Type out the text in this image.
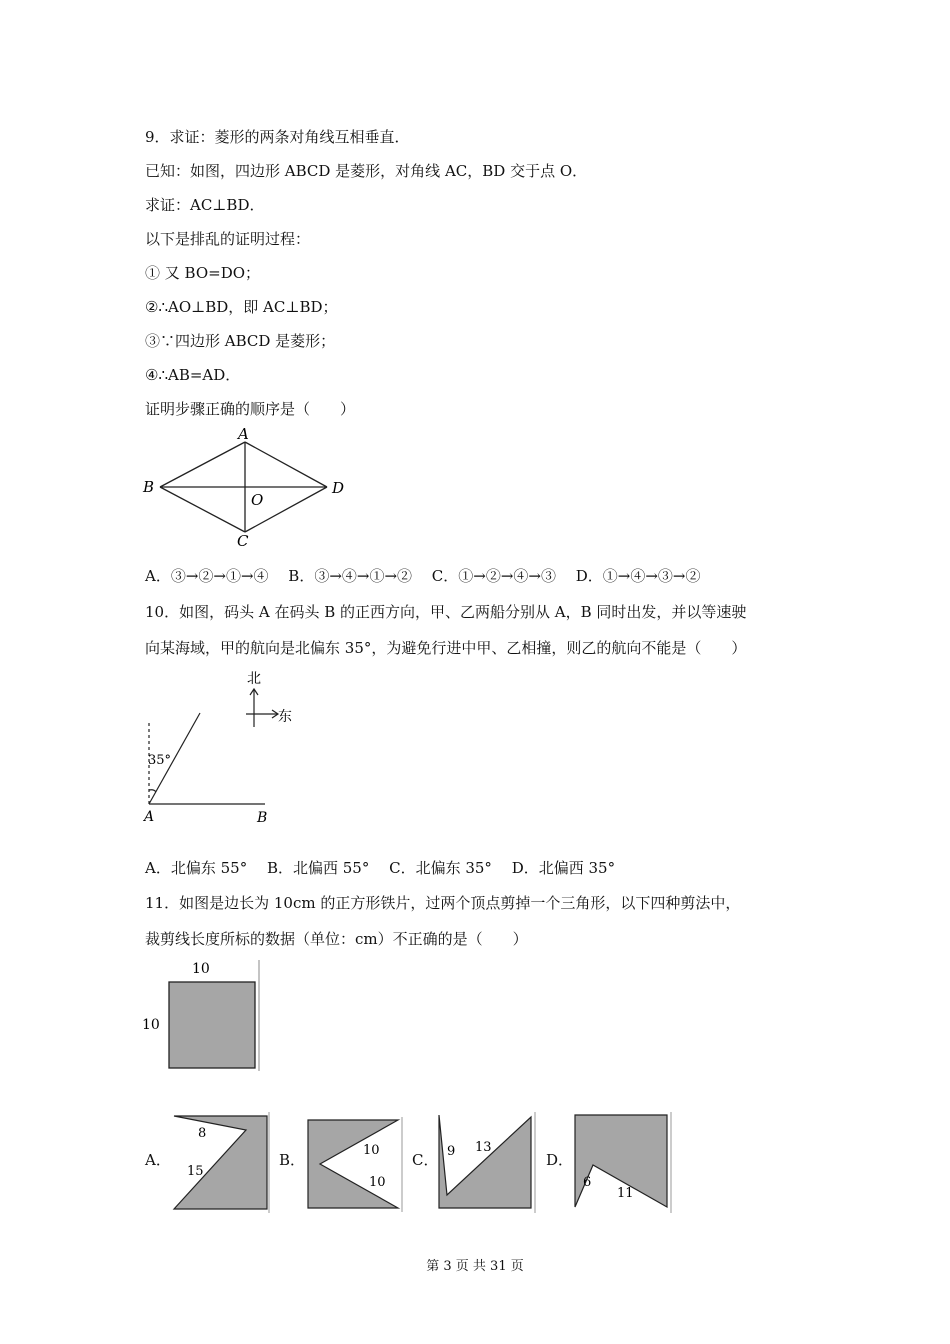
9．求证：菱形的两条对角线互相垂直．
已知：如图，四边形 ABCD 是菱形，对角线 AC，BD 交于点 O．
求证：AC⊥BD．
以下是排乱的证明过程：
① 又 BO=DO；
②∴AO⊥BD，即 AC⊥BD；
③∵四边形 ABCD 是菱形；
④∴AB=AD．
证明步骤正确的顺序是（　　）
A
B	D
C
O
A．③→②→①→④　 B．③→④→①→②　 C．①→②→④→③　 D．①→④→③→②
10．如图，码头 A 在码头 B 的正西方向，甲、乙两船分别从 A，B 同时出发，并以等速驶
向某海域，甲的航向是北偏东 35°，为避免行进中甲、乙相撞，则乙的航向不能是（　　）
北
东
35°
A	B
A．北偏东 55°　 B．北偏西 55°　 C．北偏东 35°　 D．北偏西 35°
11．如图是边长为 10cm 的正方形铁片，过两个顶点剪掉一个三角形，以下四种剪法中，
裁剪线长度所标的数据（单位：cm）不正确的是（　　）
10
10
A．
8
15
B．
10
10
C． 9 13
D．
6
11
第 3 页 共 31 页
